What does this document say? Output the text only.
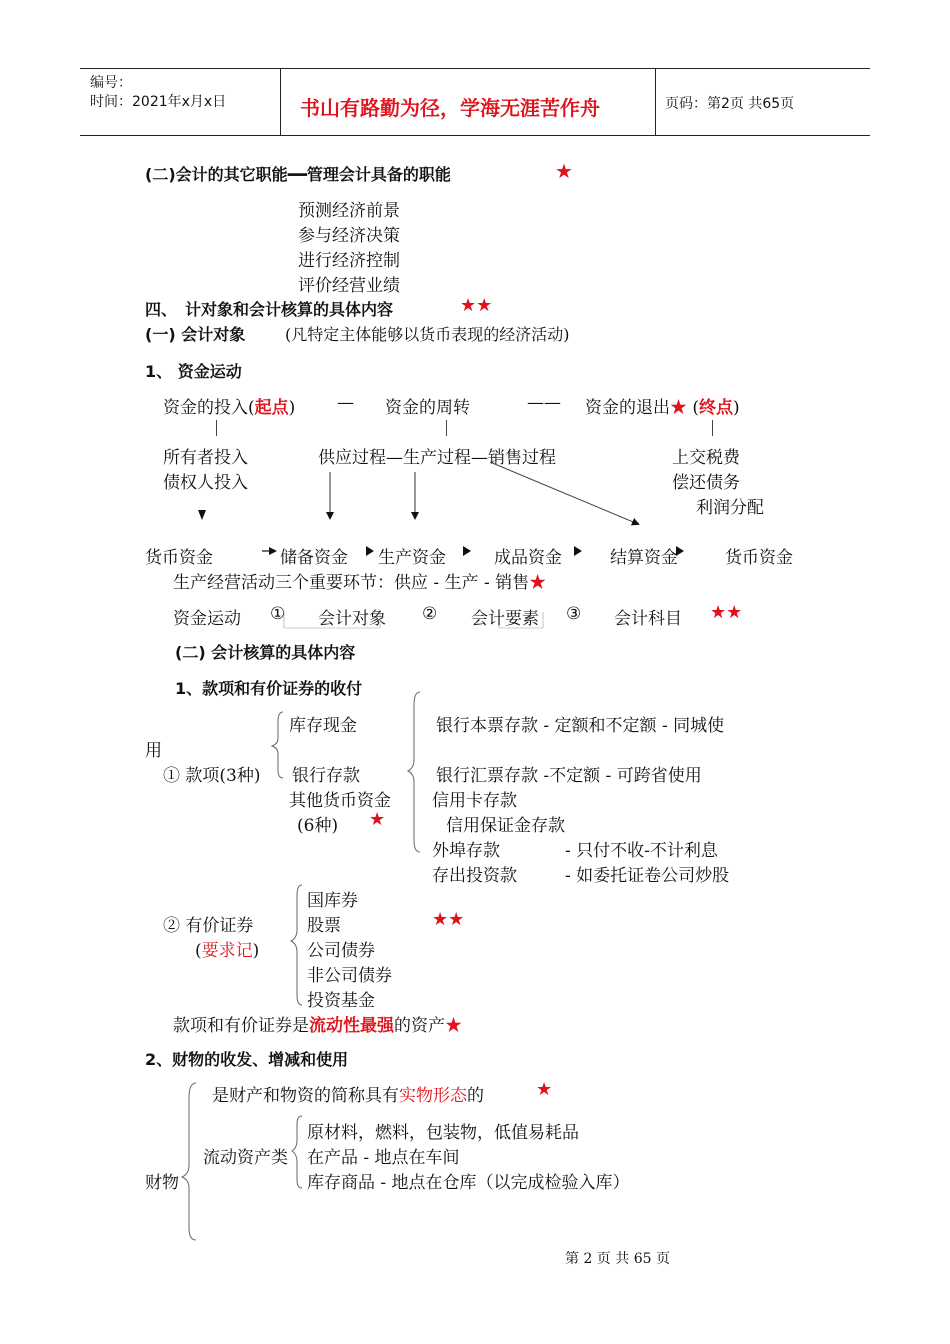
编号：
时间：2021年x月x日	书山有路勤为径，学海无涯苦作舟	页码：第2页 共65页
(二)会计的其它职能━━管理会计具备的职能	★
预测经济前景
参与经济决策
进行经济控制
评价经营业绩
四、　计对象和会计核算的具体内容	★★
(一) 会计对象 (凡特定主体能够以货币表现的经济活动)
1、 资金运动
资金的投入(起点) — 资金的周转	—— 资金的退出★ (终点)
所有者投入
债权人投入
供应过程—生产过程—销售过程	上交税费
偿还债务
利润分配
货币资金	储备资金 生产资金	成品资金	结算资金	货币资金
生产经营活动三个重要环节：供应 - 生产 - 销售★
资金运动 ① 会计对象 ② 会计要素 ③ 会计科目 ★★
(二) 会计核算的具体内容
1、款项和有价证券的收付
库存现金	银行本票存款 - 定额和不定额 - 同城使
用
① 款项(3种) 银行存款	银行汇票存款 -不定额 - 可跨省使用
其他货币资金 信用卡存款
(6种) ★	信用保证金存款
外埠存款	- 只付不收-不计利息
存出投资款	- 如委托证卷公司炒股
② 有价证券
(要求记)
国库券
股票	★★
公司债券
非公司债券
投资基金
款项和有价证券是流动性最强的资产★
2、财物的收发、增减和使用
是财产和物资的简称具有实物形态的	★
流动资产类
原材料，燃料，包装物，低值易耗品
在产品 - 地点在车间
库存商品 - 地点在仓库（以完成检验入库）
财物
第 2 页 共 65 页
